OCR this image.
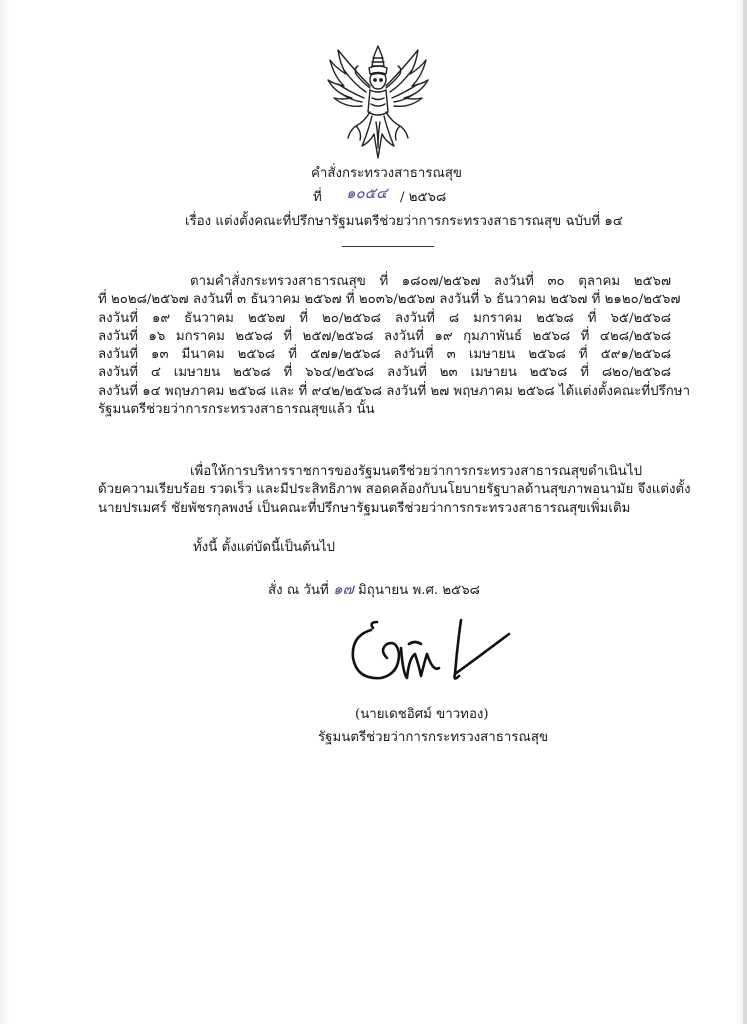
คำสั่งกระทรวงสาธารณสุข
ที่ ๑๐๕๔ / ๒๕๖๘
เรื่อง แต่งตั้งคณะที่ปรึกษารัฐมนตรีช่วยว่าการกระทรวงสาธารณสุข ฉบับที่ ๑๔
ตามคำสั่งกระทรวงสาธารณสุข ที่ ๑๘๐๗/๒๕๖๗ ลงวันที่ ๓๐ ตุลาคม ๒๕๖๗
ที่ ๒๐๒๘/๒๕๖๗ ลงวันที่ ๓ ธันวาคม ๒๕๖๗ ที่ ๒๐๓๖/๒๕๖๗ ลงวันที่ ๖ ธันวาคม ๒๕๖๗ ที่ ๒๑๒๐/๒๕๖๗
ลงวันที่ ๑๙ ธันวาคม ๒๕๖๗ ที่ ๒๐/๒๕๖๘ ลงวันที่ ๘ มกราคม ๒๕๖๘ ที่ ๖๕/๒๕๖๘
ลงวันที่ ๑๖ มกราคม ๒๕๖๘ ที่ ๒๕๗/๒๕๖๘ ลงวันที่ ๑๙ กุมภาพันธ์ ๒๕๖๘ ที่ ๔๒๘/๒๕๖๘
ลงวันที่ ๑๓ มีนาคม ๒๕๖๘ ที่ ๕๗๑/๒๕๖๘ ลงวันที่ ๓ เมษายน ๒๕๖๘ ที่ ๕๙๑/๒๕๖๘
ลงวันที่ ๔ เมษายน ๒๕๖๘ ที่ ๖๖๔/๒๕๖๘ ลงวันที่ ๒๓ เมษายน ๒๕๖๘ ที่ ๘๒๐/๒๕๖๘
ลงวันที่ ๑๔ พฤษภาคม ๒๕๖๘ และ ที่ ๙๔๒/๒๕๖๘ ลงวันที่ ๒๗ พฤษภาคม ๒๕๖๘ ได้แต่งตั้งคณะที่ปรึกษา
รัฐมนตรีช่วยว่าการกระทรวงสาธารณสุขแล้ว นั้น
เพื่อให้การบริหารราชการของรัฐมนตรีช่วยว่าการกระทรวงสาธารณสุขดำเนินไป
ด้วยความเรียบร้อย รวดเร็ว และมีประสิทธิภาพ สอดคล้องกับนโยบายรัฐบาลด้านสุขภาพอนามัย จึงแต่งตั้ง
นายปรเมศร์ ชัยพัชรกุลพงษ์ เป็นคณะที่ปรึกษารัฐมนตรีช่วยว่าการกระทรวงสาธารณสุขเพิ่มเติม
ทั้งนี้ ตั้งแต่บัดนี้เป็นต้นไป
สั่ง ณ วันที่ ๑๗ มิถุนายน พ.ศ. ๒๕๖๘
(นายเดชอิศม์ ขาวทอง)
รัฐมนตรีช่วยว่าการกระทรวงสาธารณสุข
